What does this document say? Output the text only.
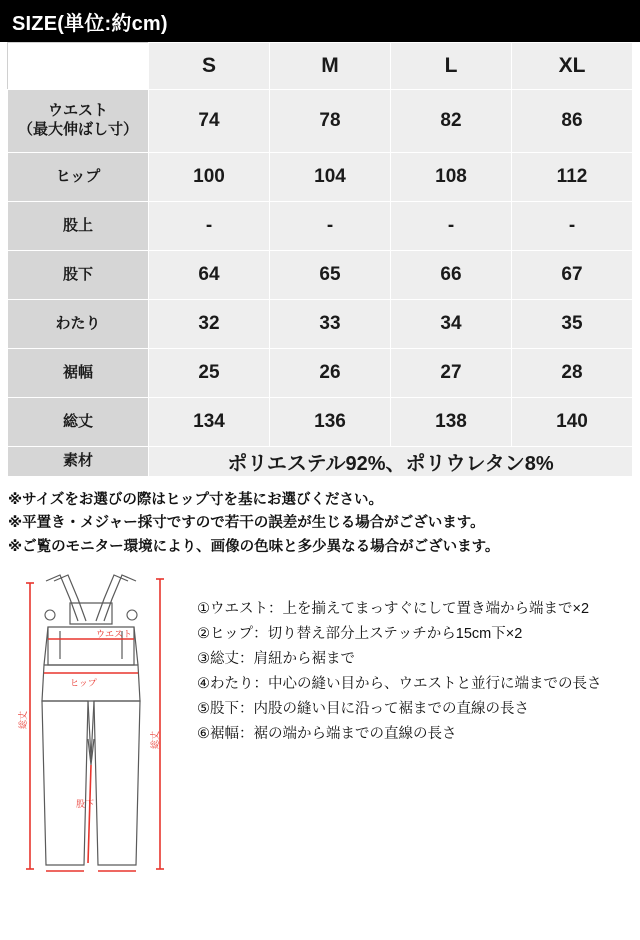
SIZE(単位:約cm)
	S	M	L	XL

ウエスト
（最大伸ばし寸）	74	78	82	86
ヒップ	100	104	108	112
股上	-	-	-	-
股下	64	65	66	67
わたり	32	33	34	35
裾幅	25	26	27	28
総丈	134	136	138	140
素材	ポリエステル92%、ポリウレタン8%			
※サイズをお選びの際はヒップ寸を基にお選びください。
※平置き・メジャー採寸ですので若干の誤差が生じる場合がございます。
※ご覧のモニター環境により、画像の色味と多少異なる場合がございます。
ウエスト
ヒップ
股下
総丈
総丈
①ウエスト：上を揃えてまっすぐにして置き端から端まで×2
②ヒップ：切り替え部分上ステッチから15cm下×2
③総丈：肩紐から裾まで
④わたり：中心の縫い目から、ウエストと並行に端までの長さ
⑤股下：内股の縫い目に沿って裾までの直線の長さ
⑥裾幅：裾の端から端までの直線の長さ
